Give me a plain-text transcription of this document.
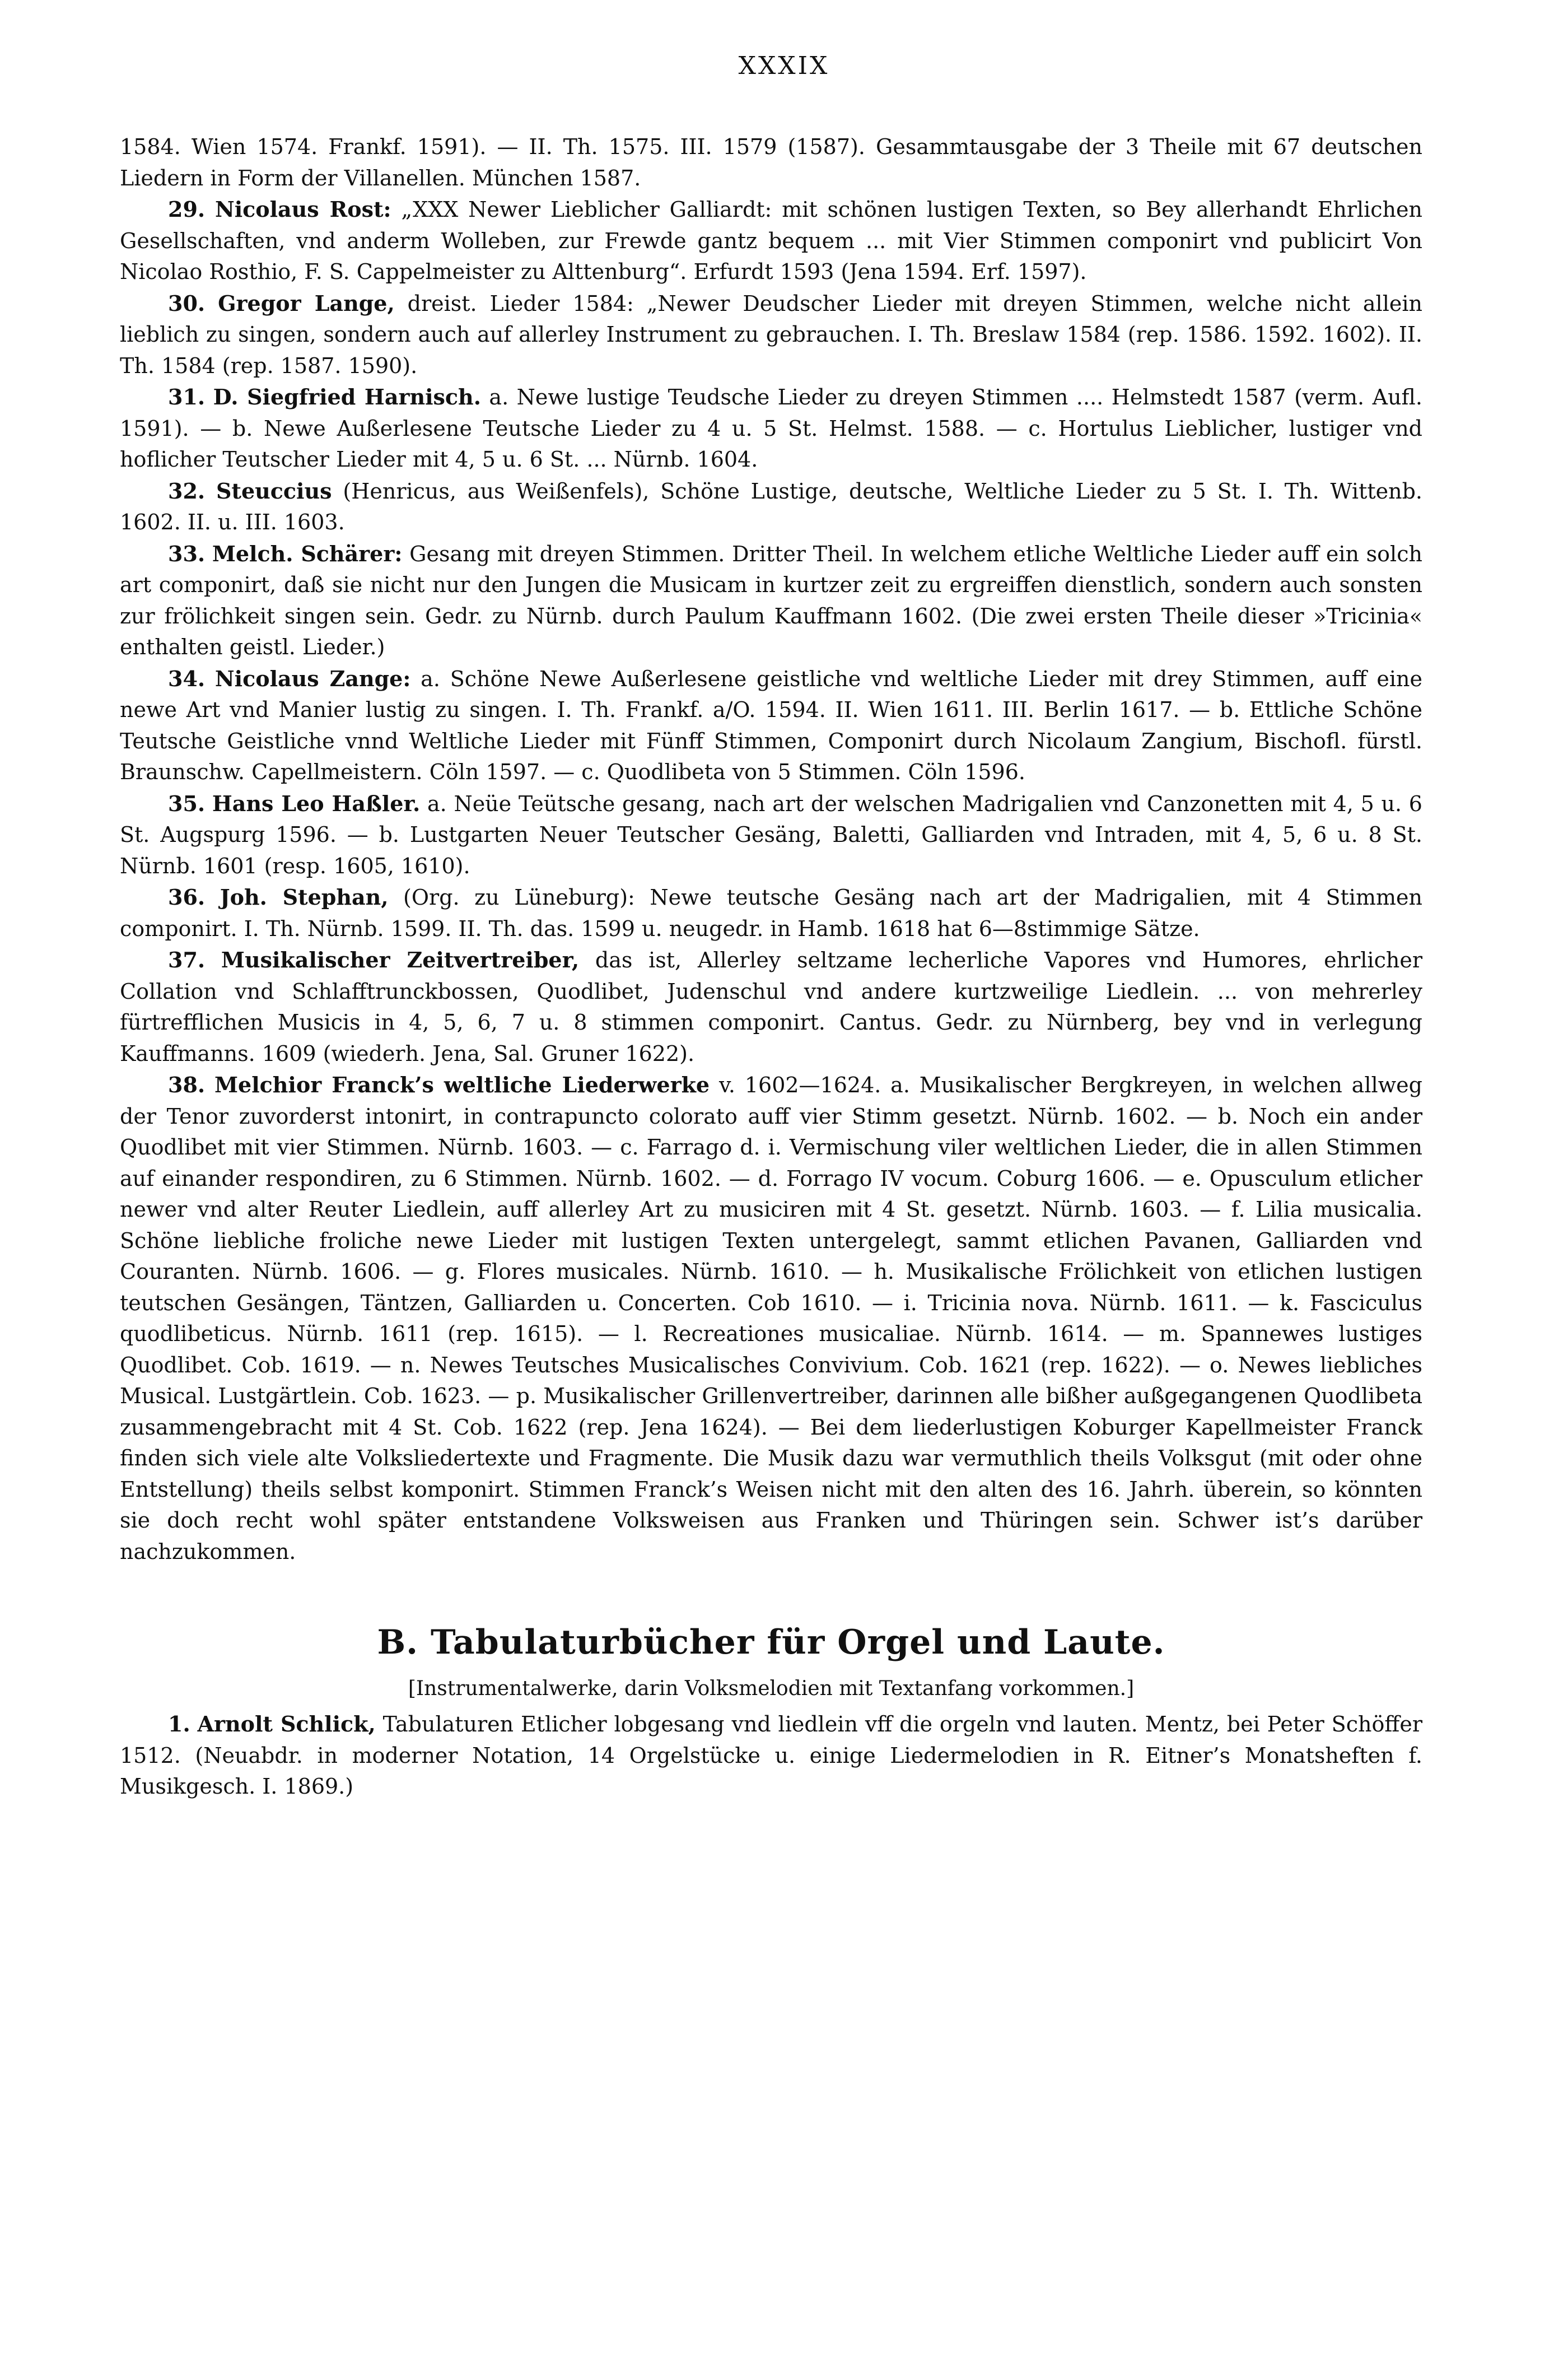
XXXIX

1584. Wien 1574. Frankf. 1591). — II. Th. 1575. III. 1579 (1587). Gesammtausgabe der 3 Theile mit 67 deutschen Liedern in Form der Villanellen. München 1587.

29. Nicolaus Rost: „XXX Newer Lieblicher Galliardt: mit schönen lustigen Texten, so Bey allerhandt Ehrlichen Gesellschaften, vnd anderm Wolleben, zur Frewde gantz bequem ... mit Vier Stimmen componirt vnd publicirt Von Nicolao Rosthio, F. S. Cappelmeister zu Alttenburg“. Erfurdt 1593 (Jena 1594. Erf. 1597).

30. Gregor Lange, dreist. Lieder 1584: „Newer Deudscher Lieder mit dreyen Stimmen, welche nicht allein lieblich zu singen, sondern auch auf allerley Instrument zu gebrauchen. I. Th. Breslaw 1584 (rep. 1586. 1592. 1602). II. Th. 1584 (rep. 1587. 1590).

31. D. Siegfried Harnisch. a. Newe lustige Teudsche Lieder zu dreyen Stimmen .... Helmstedt 1587 (verm. Aufl. 1591). — b. Newe Außerlesene Teutsche Lieder zu 4 u. 5 St. Helmst. 1588. — c. Hortulus Lieblicher, lustiger vnd hoflicher Teutscher Lieder mit 4, 5 u. 6 St. ... Nürnb. 1604.

32. Steuccius (Henricus, aus Weißenfels), Schöne Lustige, deutsche, Weltliche Lieder zu 5 St. I. Th. Wittenb. 1602. II. u. III. 1603.

33. Melch. Schärer: Gesang mit dreyen Stimmen. Dritter Theil. In welchem etliche Weltliche Lieder auff ein solch art componirt, daß sie nicht nur den Jungen die Musicam in kurtzer zeit zu ergreiffen dienstlich, sondern auch sonsten zur frölichkeit singen sein. Gedr. zu Nürnb. durch Paulum Kauffmann 1602. (Die zwei ersten Theile dieser »Tricinia« enthalten geistl. Lieder.)

34. Nicolaus Zange: a. Schöne Newe Außerlesene geistliche vnd weltliche Lieder mit drey Stimmen, auff eine newe Art vnd Manier lustig zu singen. I. Th. Frankf. a/O. 1594. II. Wien 1611. III. Berlin 1617. — b. Ettliche Schöne Teutsche Geistliche vnnd Weltliche Lieder mit Fünff Stimmen, Componirt durch Nicolaum Zangium, Bischofl. fürstl. Braunschw. Capellmeistern. Cöln 1597. — c. Quodlibeta von 5 Stimmen. Cöln 1596.

35. Hans Leo Haßler. a. Neüe Teütsche gesang, nach art der welschen Madrigalien vnd Canzonetten mit 4, 5 u. 6 St. Augspurg 1596. — b. Lustgarten Neuer Teutscher Gesäng, Baletti, Galliarden vnd Intraden, mit 4, 5, 6 u. 8 St. Nürnb. 1601 (resp. 1605, 1610).

36. Joh. Stephan, (Org. zu Lüneburg): Newe teutsche Gesäng nach art der Madrigalien, mit 4 Stimmen componirt. I. Th. Nürnb. 1599. II. Th. das. 1599 u. neugedr. in Hamb. 1618 hat 6—8stimmige Sätze.

37. Musikalischer Zeitvertreiber, das ist, Allerley seltzame lecherliche Vapores vnd Humores, ehrlicher Collation vnd Schlafftrunckbossen, Quodlibet, Judenschul vnd andere kurtzweilige Liedlein. ... von mehrerley fürtrefflichen Musicis in 4, 5, 6, 7 u. 8 stimmen componirt. Cantus. Gedr. zu Nürnberg, bey vnd in verlegung Kauffmanns. 1609 (wiederh. Jena, Sal. Gruner 1622).

38. Melchior Franck’s weltliche Liederwerke v. 1602—1624. a. Musikalischer Bergkreyen, in welchen allweg der Tenor zuvorderst intonirt, in contrapuncto colorato auff vier Stimm gesetzt. Nürnb. 1602. — b. Noch ein ander Quodlibet mit vier Stimmen. Nürnb. 1603. — c. Farrago d. i. Vermischung viler weltlichen Lieder, die in allen Stimmen auf einander respondiren, zu 6 Stimmen. Nürnb. 1602. — d. Forrago IV vocum. Coburg 1606. — e. Opusculum etlicher newer vnd alter Reuter Liedlein, auff allerley Art zu musiciren mit 4 St. gesetzt. Nürnb. 1603. — f. Lilia musicalia. Schöne liebliche froliche newe Lieder mit lustigen Texten untergelegt, sammt etlichen Pavanen, Galliarden vnd Couranten. Nürnb. 1606. — g. Flores musicales. Nürnb. 1610. — h. Musikalische Frölichkeit von etlichen lustigen teutschen Gesängen, Täntzen, Galliarden u. Concerten. Cob 1610. — i. Tricinia nova. Nürnb. 1611. — k. Fasciculus quodlibeticus. Nürnb. 1611 (rep. 1615). — l. Recreationes musicaliae. Nürnb. 1614. — m. Spannewes lustiges Quodlibet. Cob. 1619. — n. Newes Teutsches Musicalisches Convivium. Cob. 1621 (rep. 1622). — o. Newes liebliches Musical. Lustgärtlein. Cob. 1623. — p. Musikalischer Grillenvertreiber, darinnen alle bißher außgegangenen Quodlibeta zusammengebracht mit 4 St. Cob. 1622 (rep. Jena 1624). — Bei dem liederlustigen Koburger Kapellmeister Franck finden sich viele alte Volksliedertexte und Fragmente. Die Musik dazu war vermuthlich theils Volksgut (mit oder ohne Entstellung) theils selbst komponirt. Stimmen Franck’s Weisen nicht mit den alten des 16. Jahrh. überein, so könnten sie doch recht wohl später entstandene Volksweisen aus Franken und Thüringen sein. Schwer ist’s darüber nachzukommen.

B. Tabulaturbücher für Orgel und Laute.

[Instrumentalwerke, darin Volksmelodien mit Textanfang vorkommen.]

1. Arnolt Schlick, Tabulaturen Etlicher lobgesang vnd liedlein vff die orgeln vnd lauten. Mentz, bei Peter Schöffer 1512. (Neuabdr. in moderner Notation, 14 Orgelstücke u. einige Liedermelodien in R. Eitner’s Monatsheften f. Musikgesch. I. 1869.)
